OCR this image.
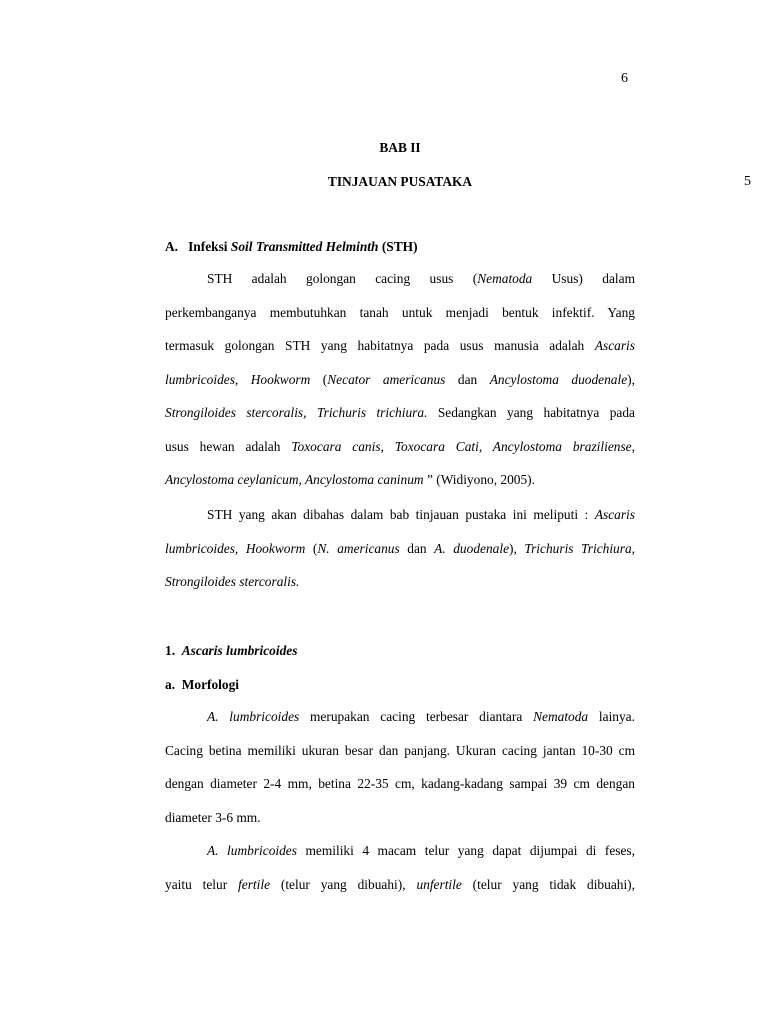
6
5
BAB II
TINJAUAN PUSATAKA
A. Infeksi Soil Transmitted Helminth (STH)
STH adalah golongan cacing usus (Nematoda Usus) dalam
perkembanganya membutuhkan tanah untuk menjadi bentuk infektif. Yang
termasuk golongan STH yang habitatnya pada usus manusia adalah Ascaris
lumbricoides, Hookworm (Necator americanus dan Ancylostoma duodenale),
Strongiloides stercoralis, Trichuris trichiura. Sedangkan yang habitatnya pada
usus hewan adalah Toxocara canis, Toxocara Cati, Ancylostoma braziliense,
Ancylostoma ceylanicum, Ancylostoma caninum ” (Widiyono, 2005).
STH yang akan dibahas dalam bab tinjauan pustaka ini meliputi : Ascaris
lumbricoides, Hookworm (N. americanus dan A. duodenale), Trichuris Trichiura,
Strongiloides stercoralis.
1. Ascaris lumbricoides
a. Morfologi
A. lumbricoides merupakan cacing terbesar diantara Nematoda lainya.
Cacing betina memiliki ukuran besar dan panjang. Ukuran cacing jantan 10-30 cm
dengan diameter 2-4 mm, betina 22-35 cm, kadang-kadang sampai 39 cm dengan
diameter 3-6 mm.
A. lumbricoides memiliki 4 macam telur yang dapat dijumpai di feses,
yaitu telur fertile (telur yang dibuahi), unfertile (telur yang tidak dibuahi),
